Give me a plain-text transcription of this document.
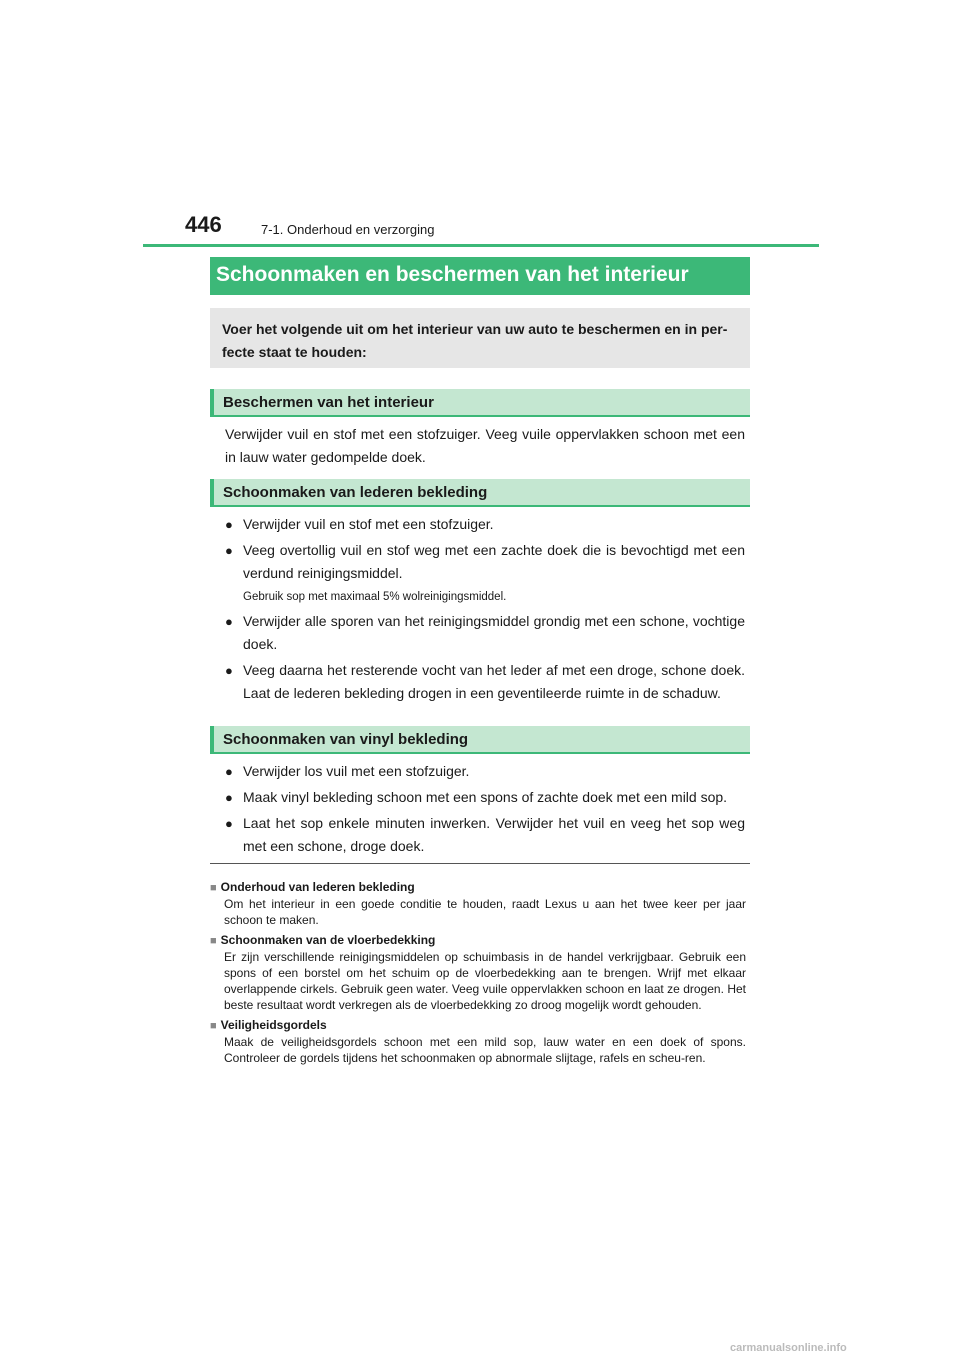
446	7-1. Onderhoud en verzorging
Schoonmaken en beschermen van het interieur
Voer het volgende uit om het interieur van uw auto te beschermen en in per-fecte staat te houden:
Beschermen van het interieur
Verwijder vuil en stof met een stofzuiger. Veeg vuile oppervlakken schoon met een in lauw water gedompelde doek.
Schoonmaken van lederen bekleding
● Verwijder vuil en stof met een stofzuiger.
● Veeg overtollig vuil en stof weg met een zachte doek die is bevochtigd met een verdund reinigingsmiddel.
Gebruik sop met maximaal 5% wolreinigingsmiddel.
● Verwijder alle sporen van het reinigingsmiddel grondig met een schone, vochtige doek.
● Veeg daarna het resterende vocht van het leder af met een droge, schone doek. Laat de lederen bekleding drogen in een geventileerde ruimte in de schaduw.
Schoonmaken van vinyl bekleding
● Verwijder los vuil met een stofzuiger.
● Maak vinyl bekleding schoon met een spons of zachte doek met een mild sop.
● Laat het sop enkele minuten inwerken. Verwijder het vuil en veeg het sop weg met een schone, droge doek.
■ Onderhoud van lederen bekleding
Om het interieur in een goede conditie te houden, raadt Lexus u aan het twee keer per jaar schoon te maken.
■ Schoonmaken van de vloerbedekking
Er zijn verschillende reinigingsmiddelen op schuimbasis in de handel verkrijgbaar. Gebruik een spons of een borstel om het schuim op de vloerbedekking aan te brengen. Wrijf met elkaar overlappende cirkels. Gebruik geen water. Veeg vuile oppervlakken schoon en laat ze drogen. Het beste resultaat wordt verkregen als de vloerbedekking zo droog mogelijk wordt gehouden.
■ Veiligheidsgordels
Maak de veiligheidsgordels schoon met een mild sop, lauw water en een doek of spons. Controleer de gordels tijdens het schoonmaken op abnormale slijtage, rafels en scheu-ren.
carmanualsonline.info
